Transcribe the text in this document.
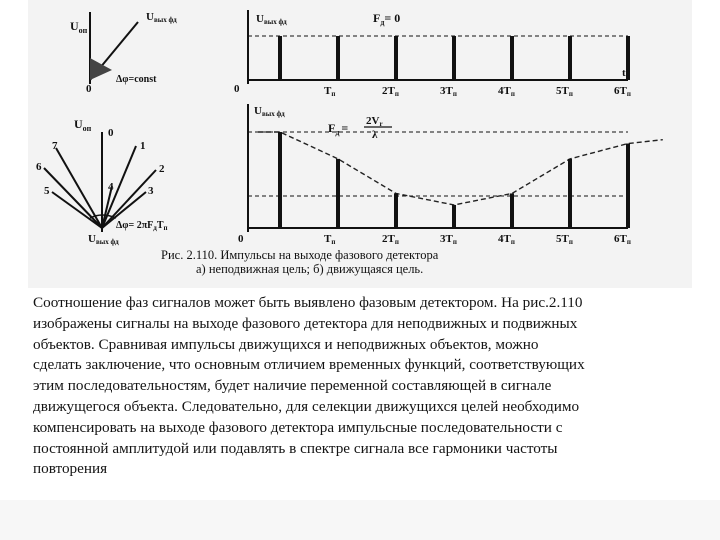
$U_{оп}$
Uвых фд
0
Δφ=const
Uвых фд	$F_д= 0$
t
0	Tп	2Tп	3Tп	4Tп	5Tп	6Tп
$U_{оп}$ 0
7	1
6	2
5	4	3
$\Delta\varphi= 2\pi F_дT_п$
Uвых фд
Uвых фд
$F_д = 2Vr$
λ
t
0	Tп	2Tп	3Tп	4Tп	5Tп	6Tп
Рис. 2.110. Импульсы на выходе фазового детектора
а) неподвижная цель; б) движущаяся цель.

Соотношение фаз сигналов может быть выявлено фазовым детектором. На рис.2.110
изображены сигналы на выходе фазового детектора для неподвижных и подвижных
объектов. Сравнивая импульсы движущихся и неподвижных объектов, можно
сделать заключение, что основным отличием временных функций, соответствующих
этим последовательностям, будет наличие переменной составляющей в сигнале
движущегося объекта. Следовательно, для селекции движущихся целей необходимо
компенсировать на выходе фазового детектора импульсные последовательности с
постоянной амплитудой или подавлять в спектре сигнала все гармоники частоты
повторения
